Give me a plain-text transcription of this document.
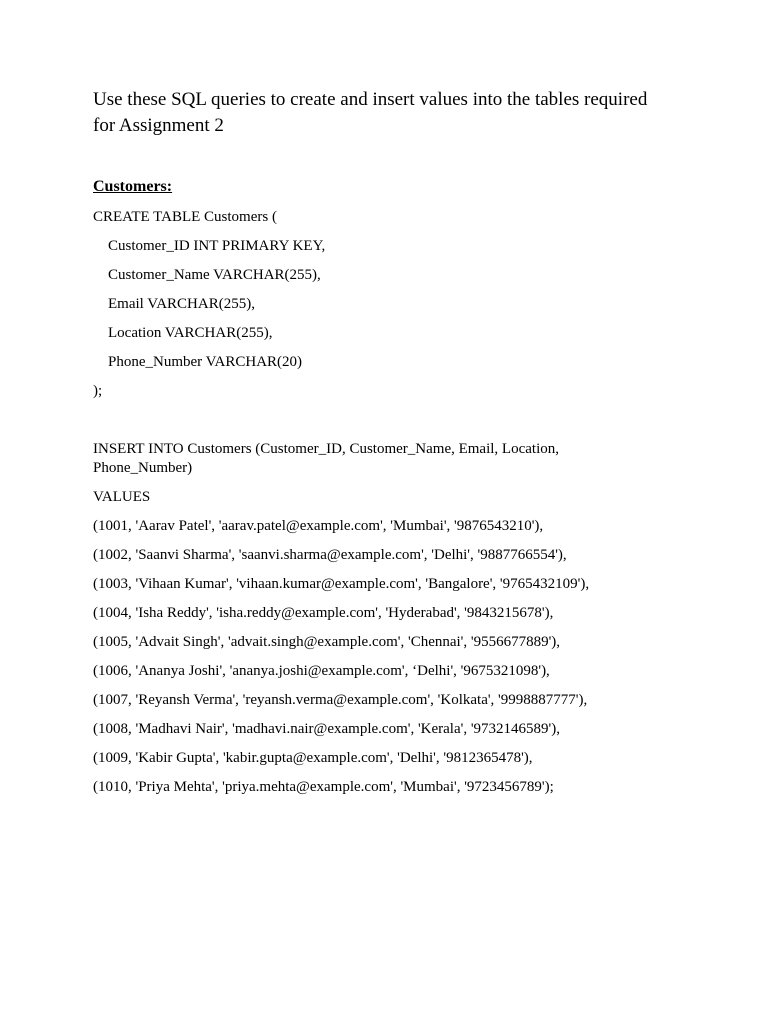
Use these SQL queries to create and insert values into the tables required for Assignment 2

Customers:

CREATE TABLE Customers (

Customer_ID INT PRIMARY KEY,

Customer_Name VARCHAR(255),

Email VARCHAR(255),

Location VARCHAR(255),

Phone_Number VARCHAR(20)

);

INSERT INTO Customers (Customer_ID, Customer_Name, Email, Location, Phone_Number)

VALUES

(1001, 'Aarav Patel', 'aarav.patel@example.com', 'Mumbai', '9876543210'),

(1002, 'Saanvi Sharma', 'saanvi.sharma@example.com', 'Delhi', '9887766554'),

(1003, 'Vihaan Kumar', 'vihaan.kumar@example.com', 'Bangalore', '9765432109'),

(1004, 'Isha Reddy', 'isha.reddy@example.com', 'Hyderabad', '9843215678'),

(1005, 'Advait Singh', 'advait.singh@example.com', 'Chennai', '9556677889'),

(1006, 'Ananya Joshi', 'ananya.joshi@example.com', ‘Delhi', '9675321098'),

(1007, 'Reyansh Verma', 'reyansh.verma@example.com', 'Kolkata', '9998887777'),

(1008, 'Madhavi Nair', 'madhavi.nair@example.com', 'Kerala', '9732146589'),

(1009, 'Kabir Gupta', 'kabir.gupta@example.com', 'Delhi', '9812365478'),

(1010, 'Priya Mehta', 'priya.mehta@example.com', 'Mumbai', '9723456789');
